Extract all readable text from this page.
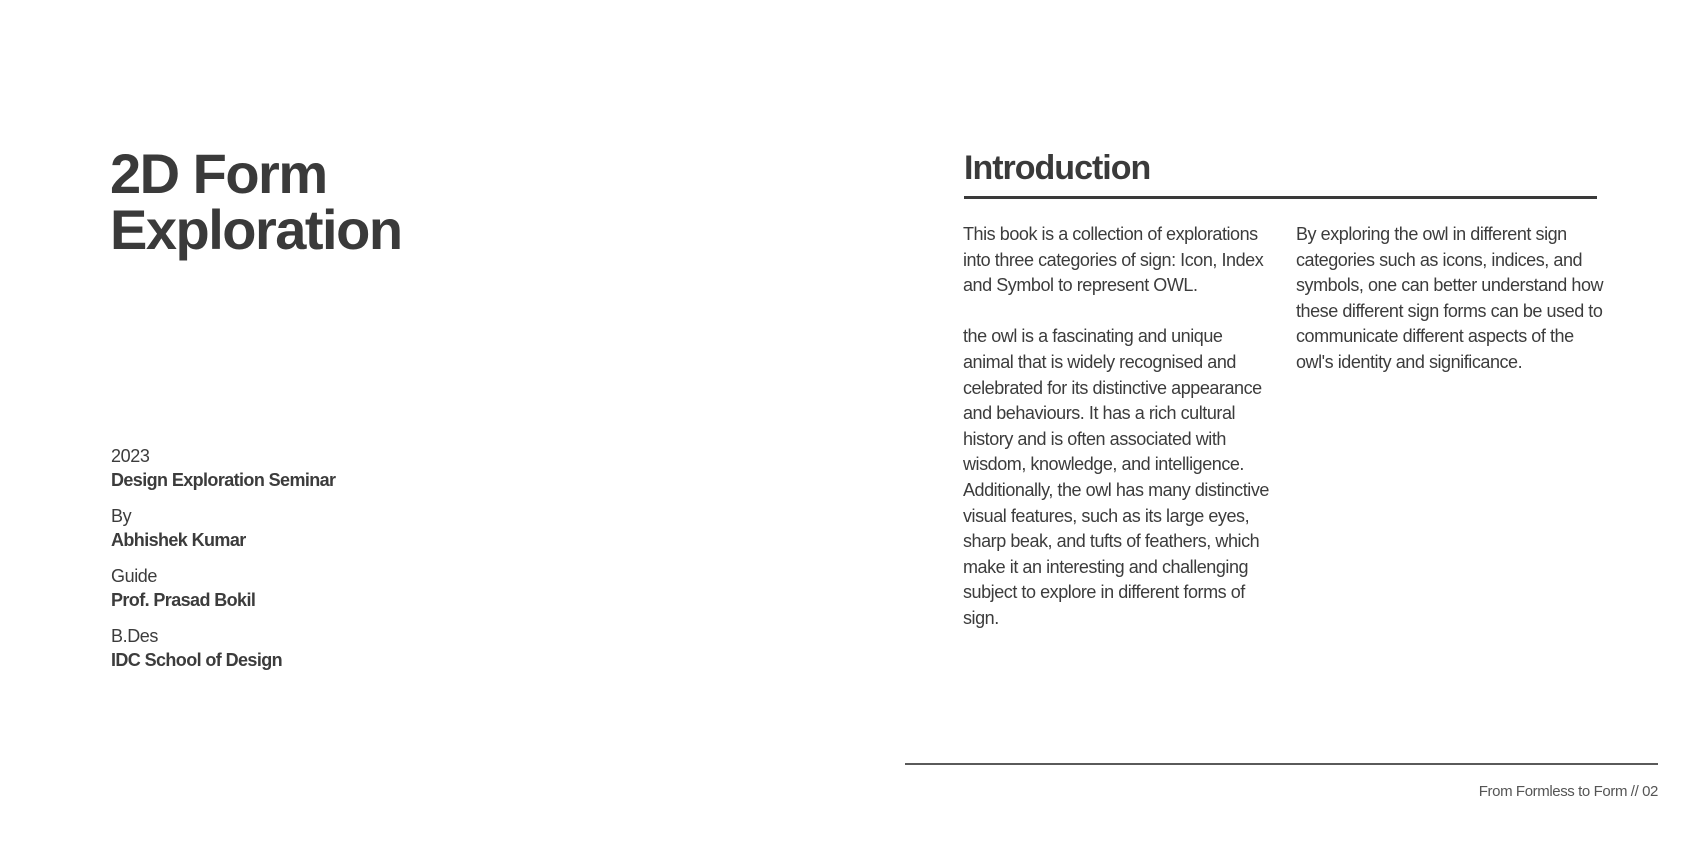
2D Form
Exploration
2023
Design Exploration Seminar
By
Abhishek Kumar
Guide
Prof. Prasad Bokil
B.Des
IDC School of Design
Introduction

This book is a collection of explorations into three categories of sign: Icon, Index and Symbol to represent OWL.

the owl is a fascinating and unique animal that is widely recognised and celebrated for its distinctive appearance and behaviours. It has a rich cultural history and is often associated with wisdom, knowledge, and intelligence. Additionally, the owl has many distinctive visual features, such as its large eyes, sharp beak, and tufts of feathers, which make it an interesting and challenging subject to explore in different forms of sign.

By exploring the owl in different sign categories such as icons, indices, and symbols, one can better understand how these different sign forms can be used to communicate different aspects of the owl's identity and significance.

From Formless to Form // 02
